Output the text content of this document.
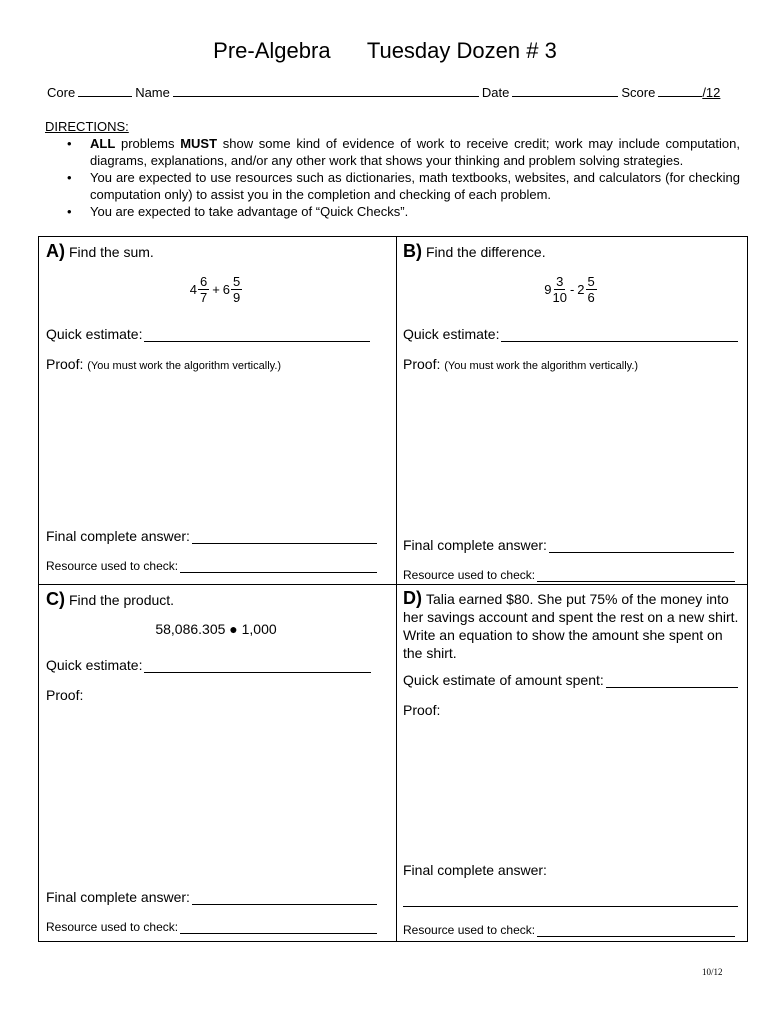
Pre-Algebra      Tuesday Dozen # 3
Core	Name	Date	Score	/12
DIRECTIONS:
• ALL problems MUST show some kind of evidence of work to receive credit; work may include computation, diagrams, explanations, and/or any other work that shows your thinking and problem solving strategies.
• You are expected to use resources such as dictionaries, math textbooks, websites, and calculators (for checking computation only) to assist you in the completion and checking of each problem.
• You are expected to take advantage of “Quick Checks”.
A) Find the sum.
$4 \frac{6}{7} + 6 \frac{5}{9}$
Quick estimate:
Proof: (You must work the algorithm vertically.)
Final complete answer:
Resource used to check:
B) Find the difference.
$9 \frac{3}{10} - 2 \frac{5}{6}$
Quick estimate:
Proof: (You must work the algorithm vertically.)
Final complete answer:
Resource used to check:
C) Find the product.
58,086.305 ● 1,000
Quick estimate:
Proof:
Final complete answer:
Resource used to check:
D) Talia earned $80. She put 75% of the money into her savings account and spent the rest on a new shirt. Write an equation to show the amount she spent on the shirt.
Quick estimate of amount spent:
Proof:
Final complete answer:
Resource used to check:
10/12
